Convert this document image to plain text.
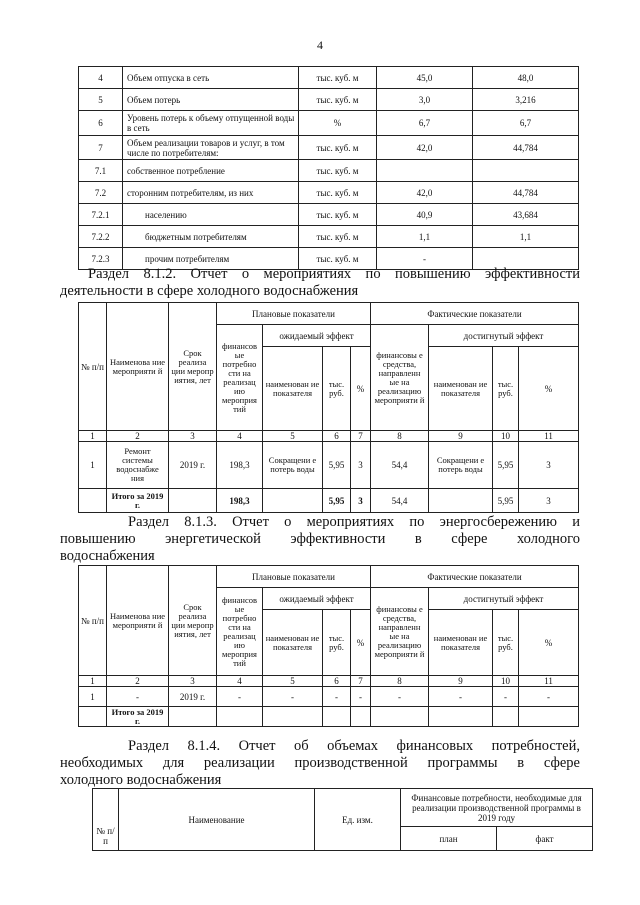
4
4	Объем отпуска в сеть	тыс. куб. м	45,0	48,0
5	Объем потерь	тыс. куб. м	3,0	3,216
6	Уровень потерь к объему отпущенной воды в сеть	%	6,7	6,7
7	Объем реализации товаров и услуг, в том числе по потребителям:	тыс. куб. м	42,0	44,784
7.1	собственное потребление	тыс. куб. м		
7.2	сторонним потребителям, из них	тыс. куб. м	42,0	44,784
7.2.1	населению	тыс. куб. м	40,9	43,684
7.2.2	бюджетным потребителям	тыс. куб. м	1,1	1,1
7.2.3	прочим потребителям	тыс. куб. м	-	
Раздел 8.1.2. Отчет о мероприятиях по повышению эффективности
деятельности в сфере холодного водоснабжения
№ п/п	Наименова ние мероприяти й	Срок реализа ции меропр иятия, лет	Плановые показатели				Фактические показатели			
			финансов ые потребно сти на реализац ию мероприя тий	ожидаемый эффект			финансовы е средства, направленн ые на реализацию мероприяти й	достигнутый эффект		
				наименован ие показателя	тыс. руб.	%		наименован ие показателя	тыс. руб.	%
1	2	3	4	5	6	7	8	9	10	11
1	Ремонт системы водоснабже ния	2019 г.	198,3	Сокращени е потерь воды	5,95	3	54,4	Сокращени е потерь воды	5,95	3
	Итого за 2019 г.		198,3		5,95	3	54,4		5,95	3
Раздел 8.1.3. Отчет о мероприятиях по энергосбережению и
повышению энергетической эффективности в сфере холодного
водоснабжения
№ п/п	Наименова ние мероприяти й	Срок реализа ции меропр иятия, лет	Плановые показатели				Фактические показатели			
			финансов ые потребно сти на реализац ию мероприя тий	ожидаемый эффект			финансовы е средства, направленн ые на реализацию мероприяти й	достигнутый эффект		
				наименован ие показателя	тыс. руб.	%		наименован ие показателя	тыс. руб.	%
1	2	3	4	5	6	7	8	9	10	11
1	-	2019 г.	-	-	-	-	-	-	-	-
	Итого за 2019 г.									
Раздел 8.1.4. Отчет об объемах финансовых потребностей,
необходимых для реализации производственной программы в сфере
холодного водоснабжения
№ п/п	Наименование	Ед. изм.	Финансовые потребности, необходимые для реализации производственной программы в 2019 году	
			план	факт
